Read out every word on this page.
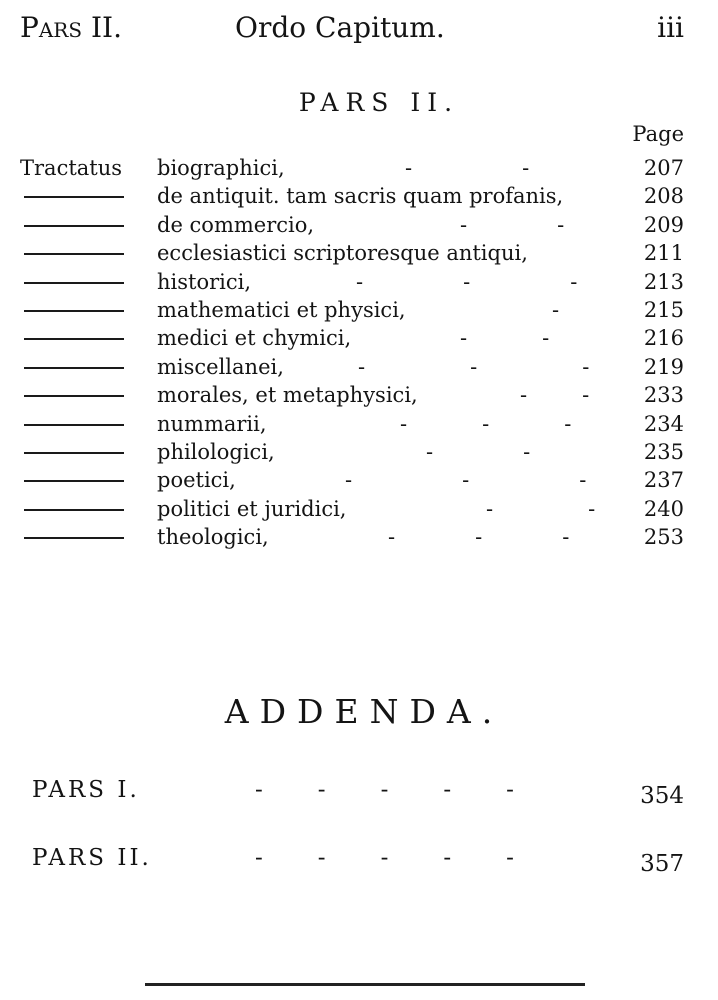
Pars II.	Ordo Capitum.	iii
PARS II.
Page
Tractatus biographici,	-	-	207
de antiquit. tam sacris quam profanis,	208
de commercio,	-	-	209
ecclesiastici scriptoresque antiqui,	211
historici,	-	-	-	213
mathematici et physici,	-	215
medici et chymici,	-	-	216
miscellanei,	-	-	-	219
morales, et metaphysici,	-	-	233
nummarii,	-	-	-	234
philologici,	-	-	235
poetici,	-	-	-	237
politici et juridici,	-	- 240
theologici,	-	-	-	253
ADDENDA.
PARS I.	- - - - -	354
PARS II.	- - - - -	357
